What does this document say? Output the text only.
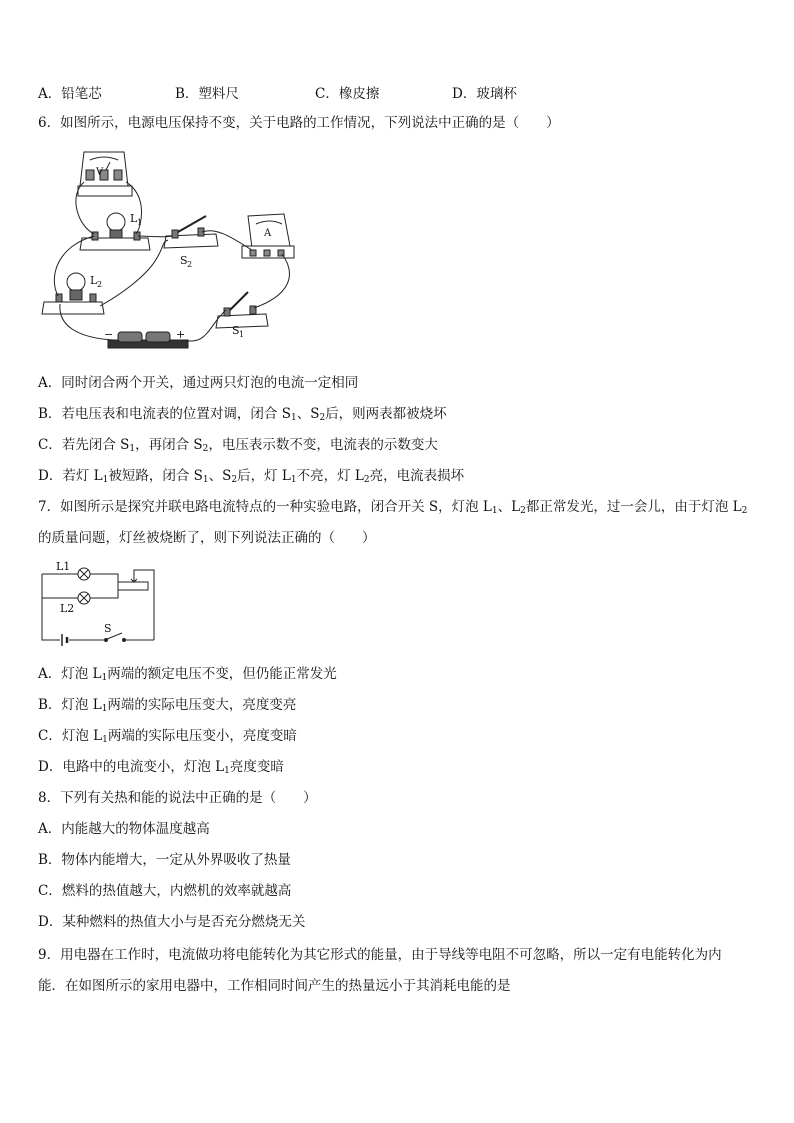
A．铅笔芯	B．塑料尺	C．橡皮擦	D．玻璃杯
6．如图所示，电源电压保持不变，关于电路的工作情况，下列说法中正确的是（　　）
V
A
L 1
L 2
S 2
S 1
−	+
A．同时闭合两个开关，通过两只灯泡的电流一定相同
B．若电压表和电流表的位置对调，闭合 $S_1$、$S_2$后，则两表都被烧坏
C．若先闭合 $S_1$，再闭合 $S_2$，电压表示数不变，电流表的示数变大
D．若灯 $L_1$被短路，闭合 $S_1$、$S_2$后，灯 $L_1$不亮，灯 $L_2$亮，电流表损坏
7．如图所示是探究并联电路电流特点的一种实验电路，闭合开关 S，灯泡 $L_1$、$L_2$都正常发光，过一会儿，由于灯泡 $L_2$
的质量问题，灯丝被烧断了，则下列说法正确的（　　）
L1
L2
S
A．灯泡 $L_1$两端的额定电压不变，但仍能正常发光
B．灯泡 $L_1$两端的实际电压变大，亮度变亮
C．灯泡 $L_1$两端的实际电压变小，亮度变暗
D．电路中的电流变小，灯泡 $L_1$亮度变暗
8．下列有关热和能的说法中正确的是（　　）
A．内能越大的物体温度越高
B．物体内能增大，一定从外界吸收了热量
C．燃料的热值越大，内燃机的效率就越高
D．某种燃料的热值大小与是否充分燃烧无关
9．用电器在工作时，电流做功将电能转化为其它形式的能量，由于导线等电阻不可忽略，所以一定有电能转化为内
能．在如图所示的家用电器中，工作相同时间产生的热量远小于其消耗电能的是
